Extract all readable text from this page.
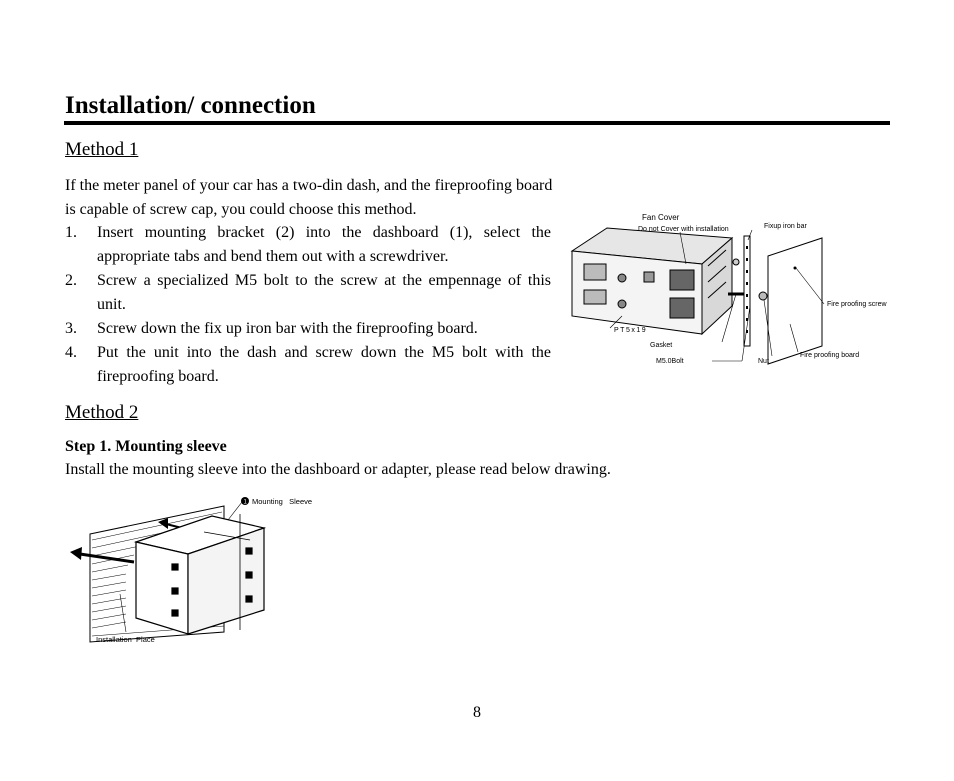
Installation/ connection
Method 1
If the meter panel of your car has a two-din dash, and the fireproofing board
is capable of screw cap, you could choose this method.
1.	Insert mounting bracket (2) into the dashboard (1), select the appropriate tabs and bend them out with a screwdriver.
2.	Screw a specialized M5 bolt to the screw at the empennage of this unit.
3.	Screw down the fix up iron bar with the fireproofing board.
4.	Put the unit into the dash and screw down the M5 bolt with the fireproofing board.
Fan Cover
Do not Cover with installation	Fixup iron bar
Fire proofing screw
PT5x19
Gasket
M5.0Bolt	Nut
Fire proofing board
Method 2
Step 1. Mounting sleeve
Install the mounting sleeve into the dashboard or adapter, please read below drawing.
1 Mounting   Sleeve
Installation  Place
8
